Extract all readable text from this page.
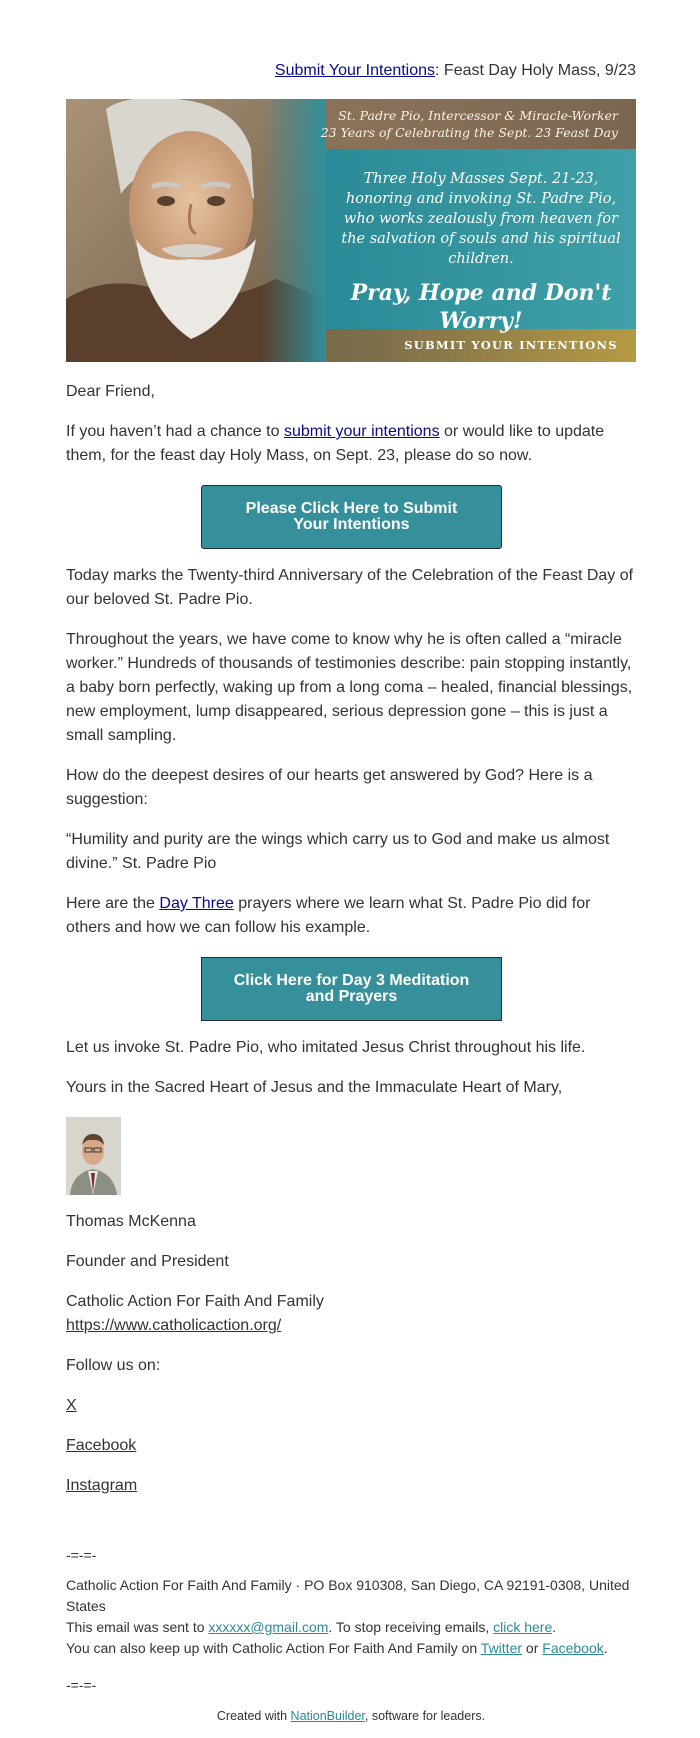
Submit Your Intentions: Feast Day Holy Mass, 9/23
St. Padre Pio, Intercessor & Miracle-Worker
23 Years of Celebrating the Sept. 23 Feast Day
Three Holy Masses Sept. 21-23, honoring and invoking St. Padre Pio, who works zealously from heaven for the salvation of souls and his spiritual children.
Pray, Hope and Don't Worry!
SUBMIT YOUR INTENTIONS

Dear Friend,

If you haven’t had a chance to submit your intentions or would like to update them, for the feast day Holy Mass, on Sept. 23, please do so now.

Please Click Here to Submit Your Intentions

Today marks the Twenty-third Anniversary of the Celebration of the Feast Day of our beloved St. Padre Pio.

Throughout the years, we have come to know why he is often called a “miracle worker.” Hundreds of thousands of testimonies describe: pain stopping instantly, a baby born perfectly, waking up from a long coma – healed, financial blessings, new employment, lump disappeared, serious depression gone – this is just a small sampling.

How do the deepest desires of our hearts get answered by God? Here is a suggestion:

“Humility and purity are the wings which carry us to God and make us almost divine.” St. Padre Pio

Here are the Day Three prayers where we learn what St. Padre Pio did for others and how we can follow his example.

Click Here for Day 3 Meditation and Prayers

Let us invoke St. Padre Pio, who imitated Jesus Christ throughout his life.

Yours in the Sacred Heart of Jesus and the Immaculate Heart of Mary,

Thomas McKenna

Founder and President

Catholic Action For Faith And Family

https://www.catholicaction.org/

Follow us on:

X
Facebook
Instagram
-=-=-
Catholic Action For Faith And Family · PO Box 910308, San Diego, CA 92191-0308, United States
This email was sent to xxxxxx@gmail.com. To stop receiving emails, click here.
You can also keep up with Catholic Action For Faith And Family on Twitter or Facebook.
-=-=-
Created with NationBuilder, software for leaders.
